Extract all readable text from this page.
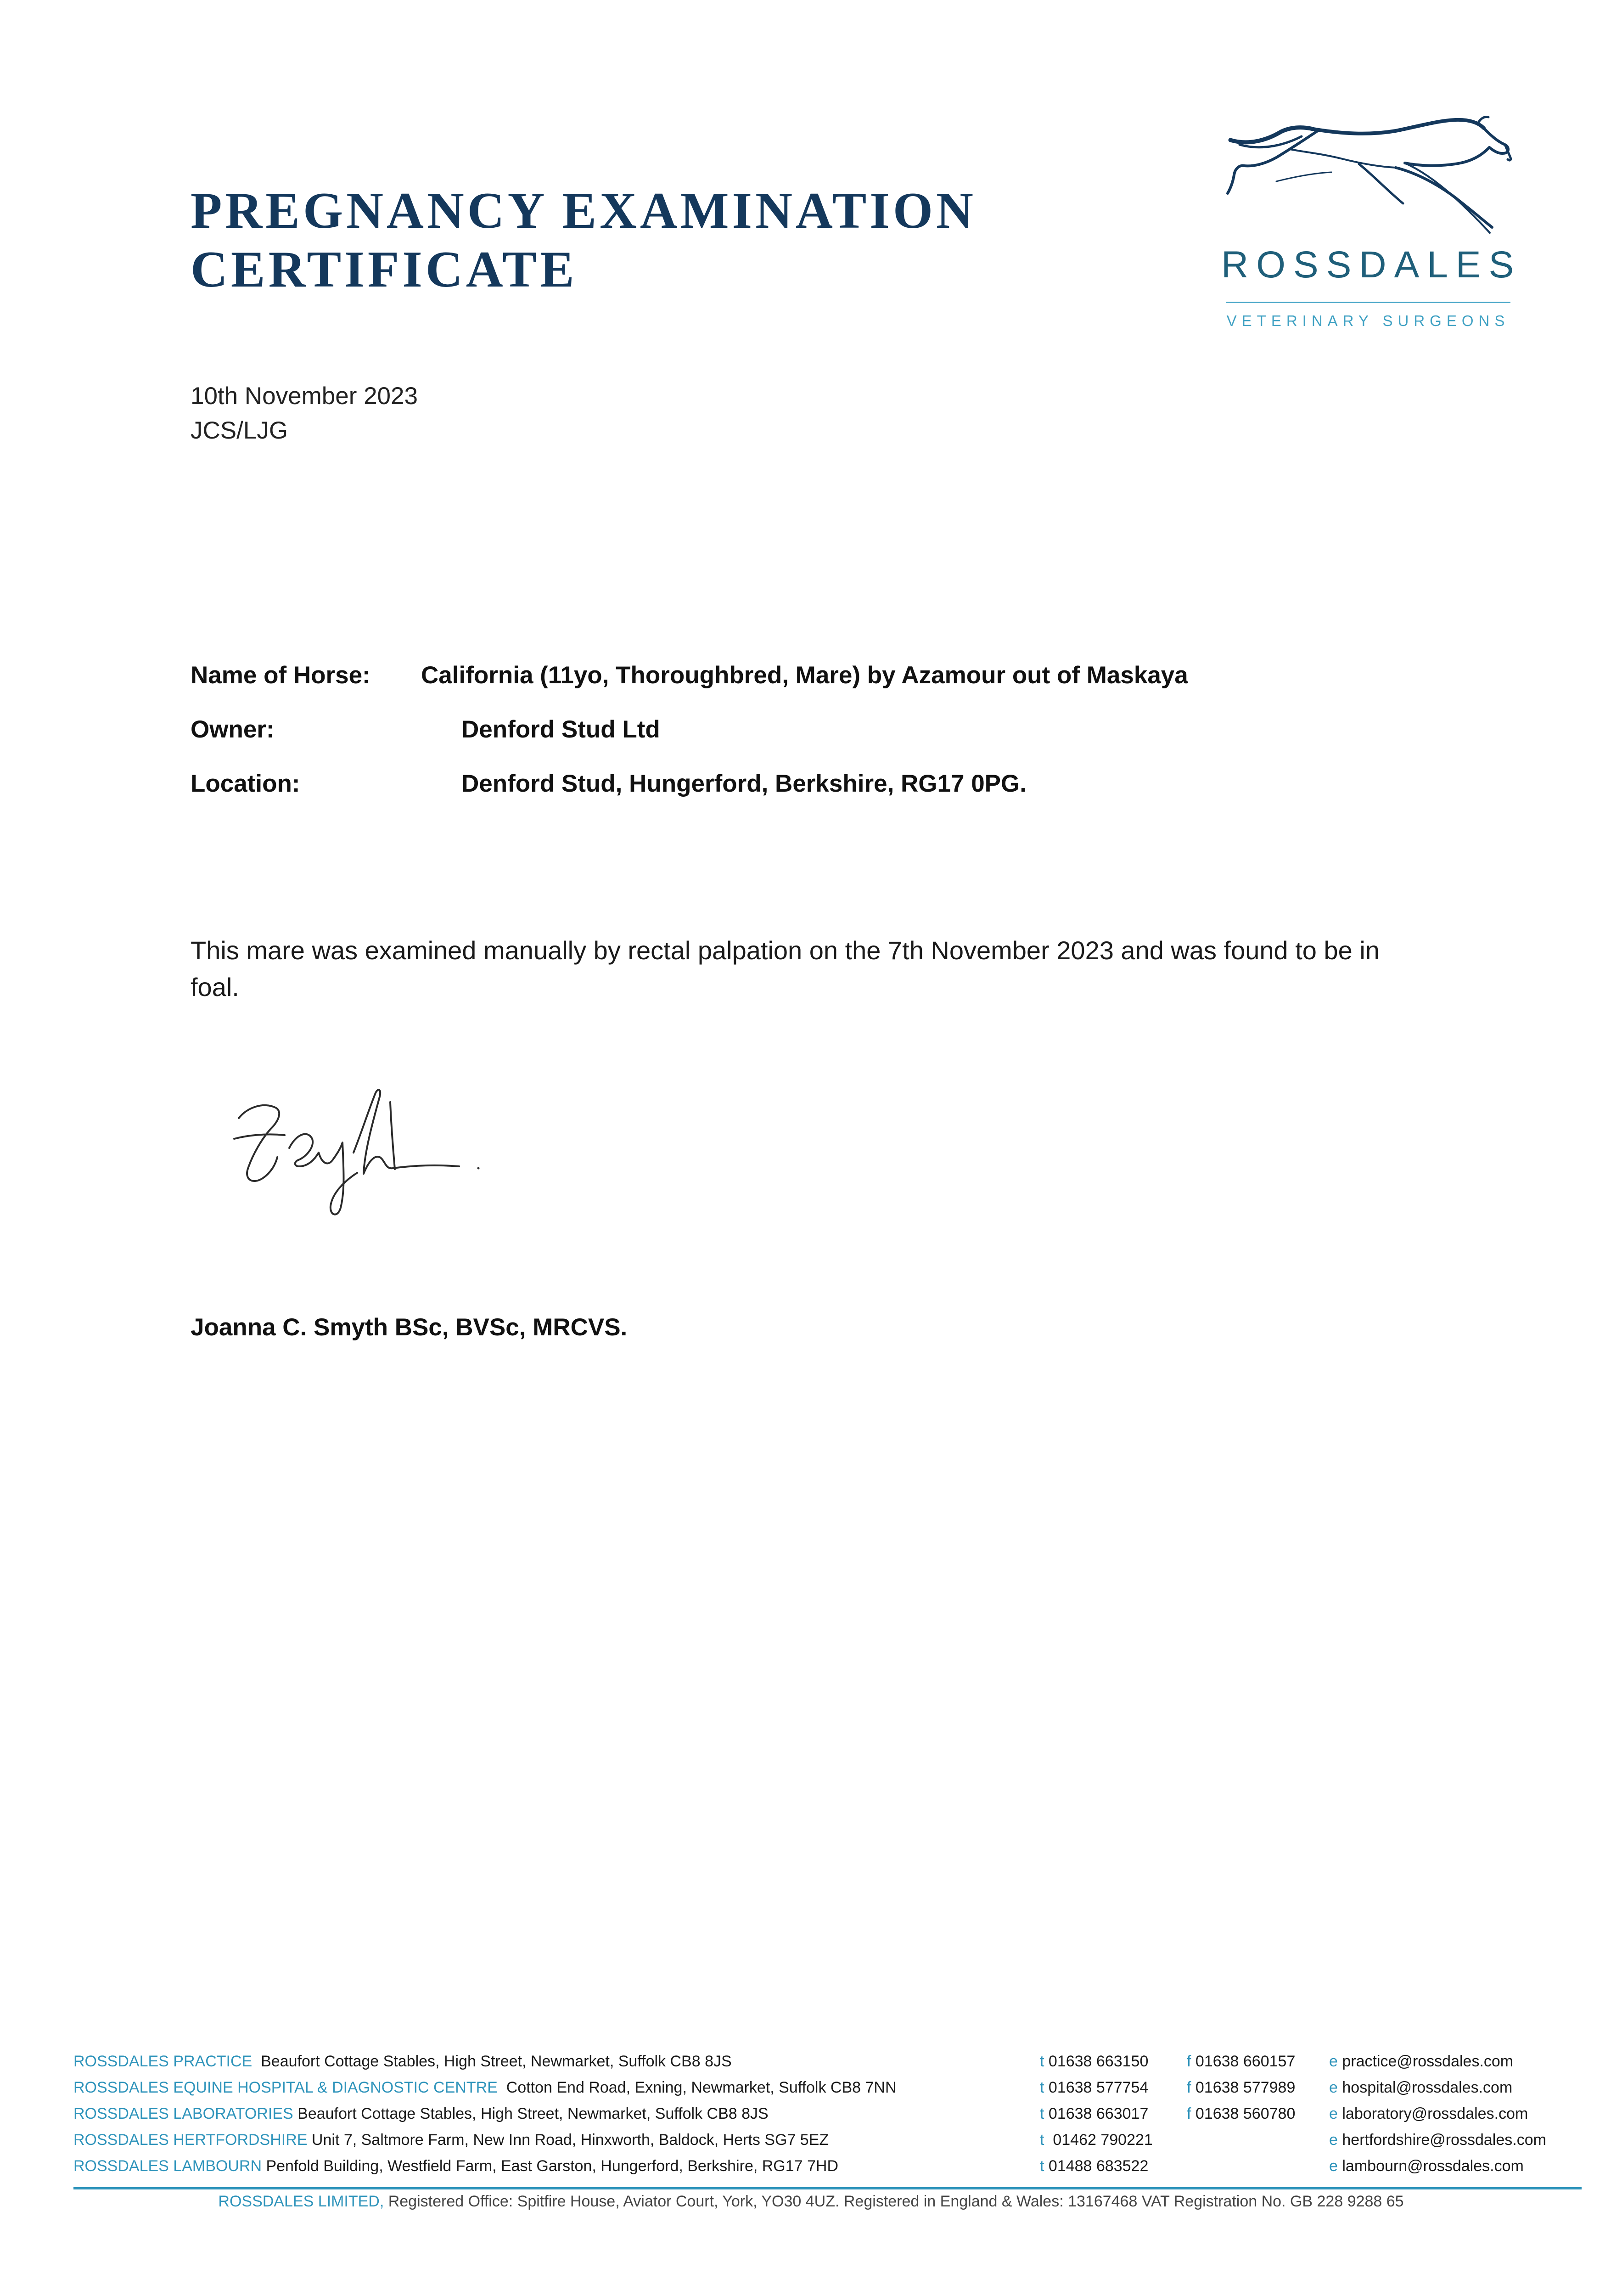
PREGNANCY EXAMINATION
CERTIFICATE	ROSSDALES
VETERINARY SURGEONS
10th November 2023
JCS/LJG
Name of Horse: California (11yo, Thoroughbred, Mare) by Azamour out of Maskaya
Owner:	Denford Stud Ltd
Location:	Denford Stud, Hungerford, Berkshire, RG17 0PG.

This mare was examined manually by rectal palpation on the 7th November 2023 and was found to be in foal.

Joanna C. Smyth BSc, BVSc, MRCVS.
ROSSDALES PRACTICE Beaufort Cottage Stables, High Street, Newmarket, Suffolk CB8 8JS	t 01638 663150 f 01638 660157 e practice@rossdales.com
ROSSDALES EQUINE HOSPITAL & DIAGNOSTIC CENTRE Cotton End Road, Exning, Newmarket, Suffolk CB8 7NN	t 01638 577754 f 01638 577989 e hospital@rossdales.com
ROSSDALES LABORATORIES Beaufort Cottage Stables, High Street, Newmarket, Suffolk CB8 8JS	t 01638 663017 f 01638 560780 e laboratory@rossdales.com
ROSSDALES HERTFORDSHIRE Unit 7, Saltmore Farm, New Inn Road, Hinxworth, Baldock, Herts SG7 5EZ	t 01462 790221	e hertfordshire@rossdales.com
ROSSDALES LAMBOURN Penfold Building, Westfield Farm, East Garston, Hungerford, Berkshire, RG17 7HD	t 01488 683522	e lambourn@rossdales.com
ROSSDALES LIMITED, Registered Office: Spitfire House, Aviator Court, York, YO30 4UZ. Registered in England & Wales: 13167468 VAT Registration No. GB 228 9288 65
